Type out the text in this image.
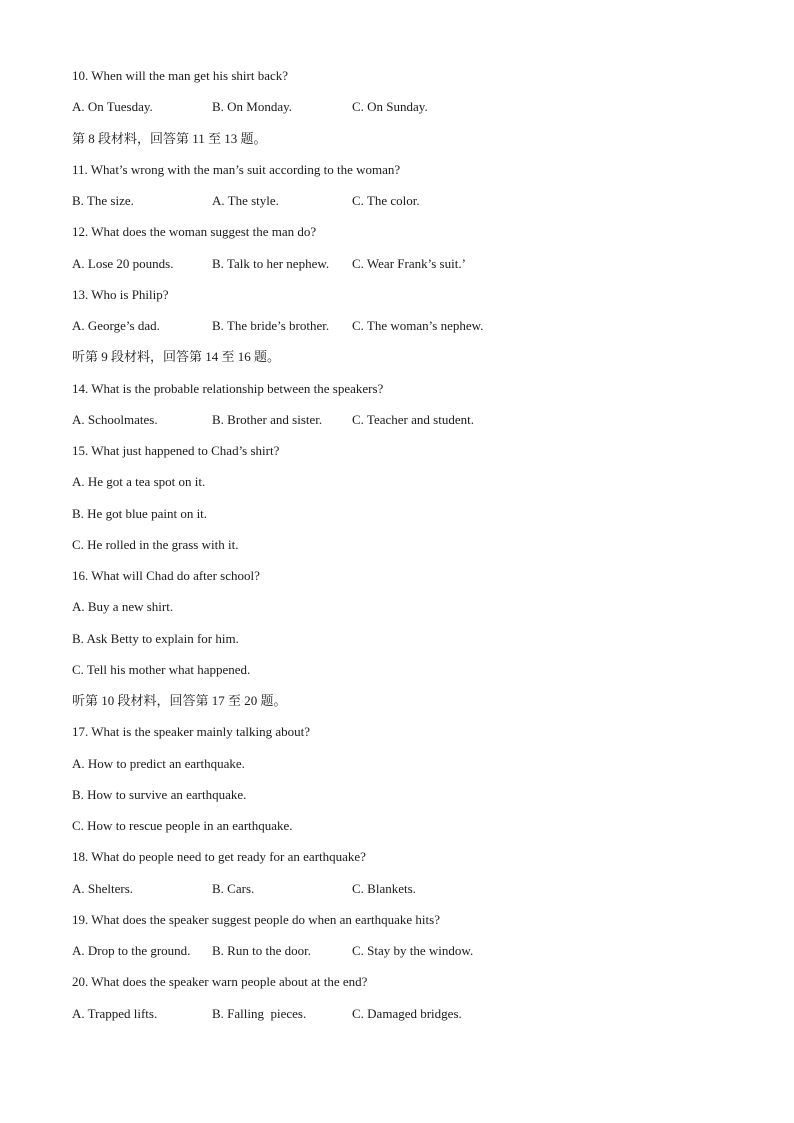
10. When will the man get his shirt back?
A. On Tuesday.	B. On Monday.	C. On Sunday.
第 8 段材料，回答第 11 至 13 题。
11. What’s wrong with the man’s suit according to the woman?
B. The size.	A. The style.	C. The color.
12. What does the woman suggest the man do?
A. Lose 20 pounds.	B. Talk to her nephew. C. Wear Frank’s suit.’
13. Who is Philip?
A. George’s dad.	B. The bride’s brother. C. The woman’s nephew.
听第 9 段材料，回答第 14 至 16 题。
14. What is the probable relationship between the speakers?
A. Schoolmates.	B. Brother and sister. C. Teacher and student.
15. What just happened to Chad’s shirt?
A. He got a tea spot on it.
B. He got blue paint on it.
C. He rolled in the grass with it.
16. What will Chad do after school?
A. Buy a new shirt.
B. Ask Betty to explain for him.
C. Tell his mother what happened.
听第 10 段材料，回答第 17 至 20 题。
17. What is the speaker mainly talking about?
A. How to predict an earthquake.
B. How to survive an earthquake.
C. How to rescue people in an earthquake.
18. What do people need to get ready for an earthquake?
A. Shelters.	B. Cars.	C. Blankets.
19. What does the speaker suggest people do when an earthquake hits?
A. Drop to the ground. B. Run to the door.	C. Stay by the window.
20. What does the speaker warn people about at the end?
A. Trapped lifts.	B. Falling  pieces.	C. Damaged bridges.
